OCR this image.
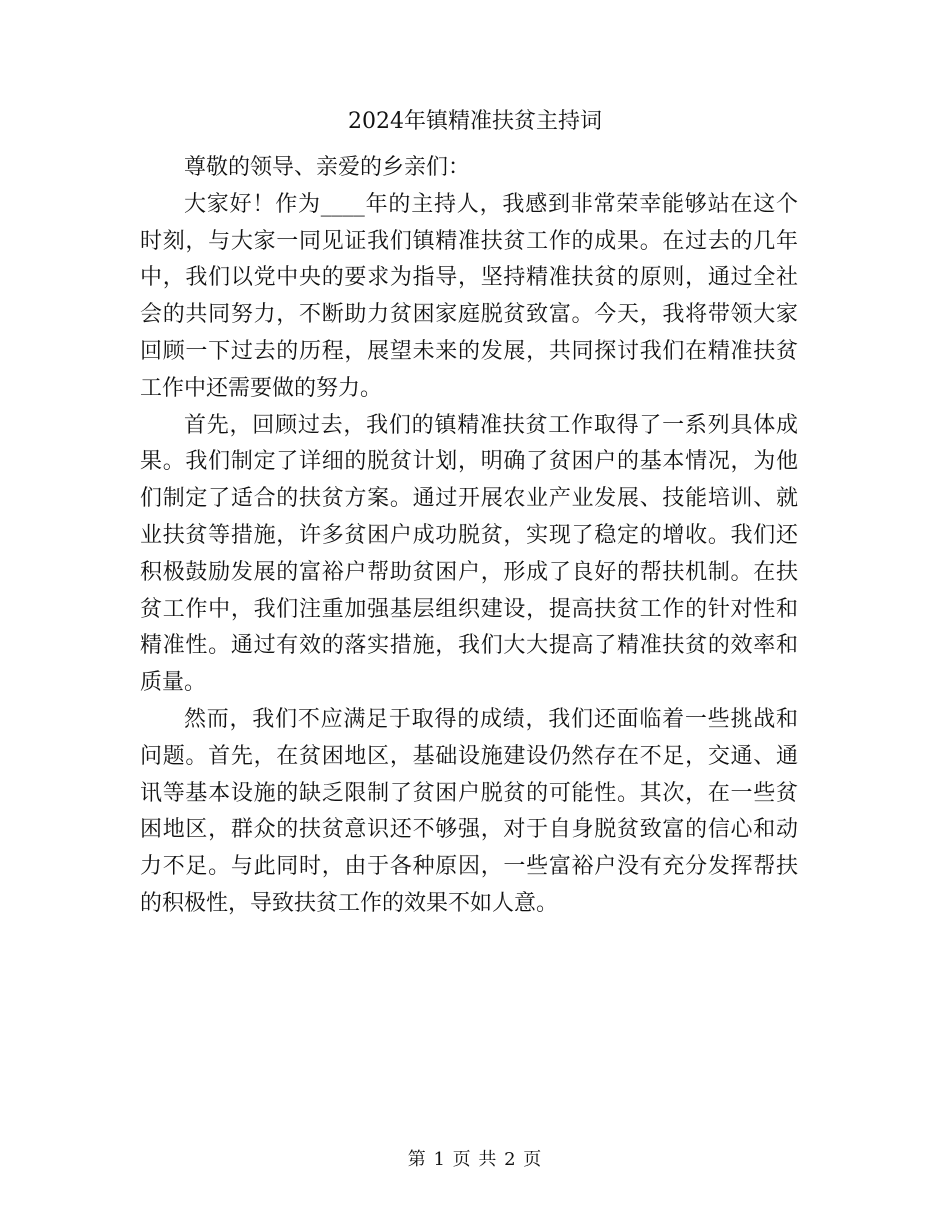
2024年镇精准扶贫主持词

尊敬的领导、亲爱的乡亲们：

大家好！作为____年的主持人，我感到非常荣幸能够站在这个时刻，与大家一同见证我们镇精准扶贫工作的成果。在过去的几年中，我们以党中央的要求为指导，坚持精准扶贫的原则，通过全社会的共同努力，不断助力贫困家庭脱贫致富。今天，我将带领大家回顾一下过去的历程，展望未来的发展，共同探讨我们在精准扶贫工作中还需要做的努力。

首先，回顾过去，我们的镇精准扶贫工作取得了一系列具体成果。我们制定了详细的脱贫计划，明确了贫困户的基本情况，为他们制定了适合的扶贫方案。通过开展农业产业发展、技能培训、就业扶贫等措施，许多贫困户成功脱贫，实现了稳定的增收。我们还积极鼓励发展的富裕户帮助贫困户，形成了良好的帮扶机制。在扶贫工作中，我们注重加强基层组织建设，提高扶贫工作的针对性和精准性。通过有效的落实措施，我们大大提高了精准扶贫的效率和质量。

然而，我们不应满足于取得的成绩，我们还面临着一些挑战和问题。首先，在贫困地区，基础设施建设仍然存在不足，交通、通讯等基本设施的缺乏限制了贫困户脱贫的可能性。其次，在一些贫困地区，群众的扶贫意识还不够强，对于自身脱贫致富的信心和动力不足。与此同时，由于各种原因，一些富裕户没有充分发挥帮扶的积极性，导致扶贫工作的效果不如人意。

第 1 页 共 2 页
